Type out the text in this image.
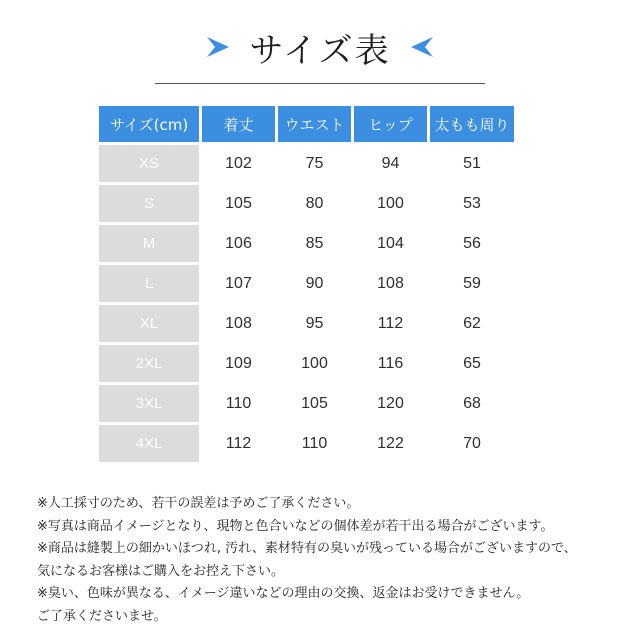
サイズ表
サイズ(cm)	着丈	ウエスト	ヒップ	太もも周り
XS	102	75	94	51
S	105	80	100	53
M	106	85	104	56
L	107	90	108	59
XL	108	95	112	62
2XL	109	100	116	65
3XL	110	105	120	68
4XL	112	110	122	70
※人工採寸のため、若干の誤差は予めご了承ください。
※写真は商品イメージとなり、現物と色合いなどの個体差が若干出る場合がございます。
※商品は縫製上の細かいほつれ, 汚れ、素材特有の臭いが残っている場合がございますので、
気になるお客様はご購入をお控え下さい。
※臭い、色味が異なる、イメージ違いなどの理由の交換、返金はお受けできません。
ご了承くださいませ。
